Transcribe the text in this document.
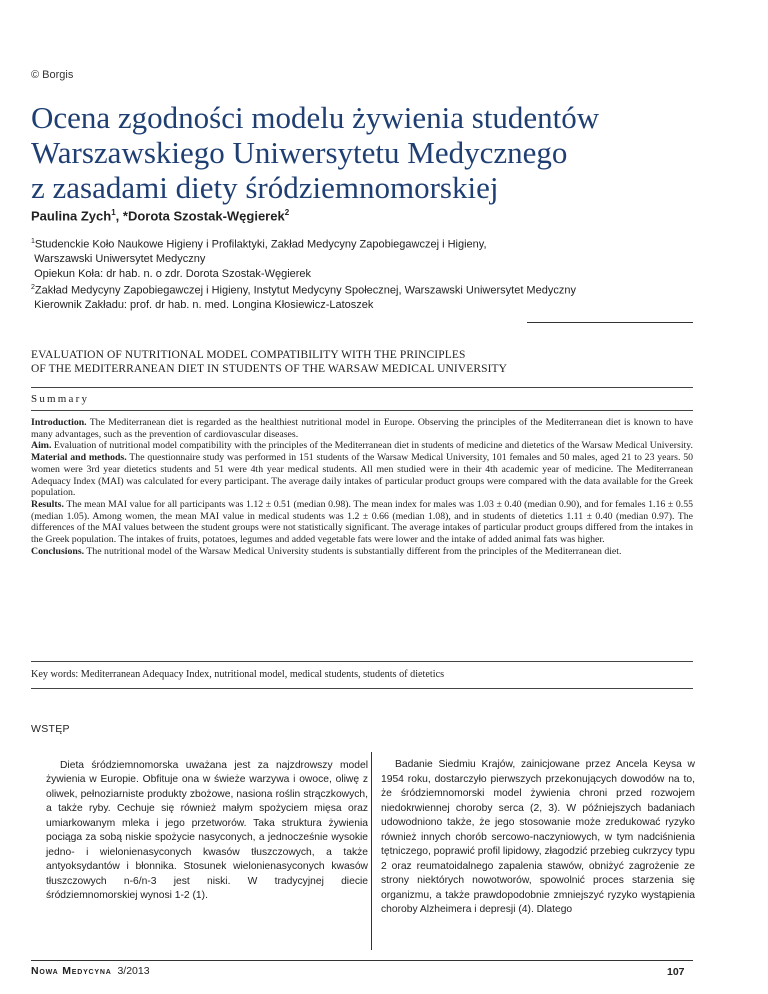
© Borgis
Ocena zgodności modelu żywienia studentów
Warszawskiego Uniwersytetu Medycznego
z zasadami diety śródziemnomorskiej
Paulina Zych$^1$, *Dorota Szostak-Węgierek$^2$
$^1$Studenckie Koło Naukowe Higieny i Profilaktyki, Zakład Medycyny Zapobiegawczej i Higieny,
Warszawski Uniwersytet Medyczny
Opiekun Koła: dr hab. n. o zdr. Dorota Szostak-Węgierek
$^2$Zakład Medycyny Zapobiegawczej i Higieny, Instytut Medycyny Społecznej, Warszawski Uniwersytet Medyczny
Kierownik Zakładu: prof. dr hab. n. med. Longina Kłosiewicz-Latoszek
EVALUATION OF NUTRITIONAL MODEL COMPATIBILITY WITH THE PRINCIPLES
OF THE MEDITERRANEAN DIET IN STUDENTS OF THE WARSAW MEDICAL UNIVERSITY
Summary

Introduction. The Mediterranean diet is regarded as the healthiest nutritional model in Europe. Observing the principles of the Mediterranean diet is known to have many advantages, such as the prevention of cardiovascular diseases.

Aim. Evaluation of nutritional model compatibility with the principles of the Mediterranean diet in students of medicine and dietetics of the Warsaw Medical University.

Material and methods. The questionnaire study was performed in 151 students of the Warsaw Medical University, 101 females and 50 males, aged 21 to 23 years. 50 women were 3rd year dietetics students and 51 were 4th year medical students. All men studied were in their 4th academic year of medicine. The Mediterranean Adequacy Index (MAI) was calculated for every participant. The average daily intakes of particular product groups were compared with the data available for the Greek population.

Results. The mean MAI value for all participants was 1.12 ± 0.51 (median 0.98). The mean index for males was 1.03 ± 0.40 (median 0.90), and for females 1.16 ± 0.55 (median 1.05). Among women, the mean MAI value in medical students was 1.2 ± 0.66 (median 1.08), and in students of dietetics 1.11 ± 0.40 (median 0.97). The differences of the MAI values between the student groups were not statistically significant. The average intakes of particular product groups differed from the intakes in the Greek population. The intakes of fruits, potatoes, legumes and added vegetable fats were lower and the intake of added animal fats was higher.

Conclusions. The nutritional model of the Warsaw Medical University students is substantially different from the principles of the Mediterranean diet.

Key words: Mediterranean Adequacy Index, nutritional model, medical students, students of dietetics
WSTĘP

Dieta śródziemnomorska uważana jest za najzdrowszy model żywienia w Europie. Obfituje ona w świeże warzywa i owoce, oliwę z oliwek, pełnoziarniste produkty zbożowe, nasiona roślin strączkowych, a także ryby. Cechuje się również małym spożyciem mięsa oraz umiarkowanym mleka i jego przetworów. Taka struktura żywienia pociąga za sobą niskie spożycie nasyconych, a jednocześnie wysokie jedno- i wielonienasyconych kwasów tłuszczowych, a także antyoksydantów i błonnika. Stosunek wielonienasyconych kwasów tłuszczowych n-6/n-3 jest niski. W tradycyjnej diecie śródziemnomorskiej wynosi 1-2 (1).

Badanie Siedmiu Krajów, zainicjowane przez Ancela Keysa w 1954 roku, dostarczyło pierwszych przekonujących dowodów na to, że śródziemnomorski model żywienia chroni przed rozwojem niedokrwiennej choroby serca (2, 3). W późniejszych badaniach udowodniono także, że jego stosowanie może zredukować ryzyko również innych chorób sercowo-naczyniowych, w tym nadciśnienia tętniczego, poprawić profil lipidowy, złagodzić przebieg cukrzycy typu 2 oraz reumatoidalnego zapalenia stawów, obniżyć zagrożenie ze strony niektórych nowotworów, spowolnić proces starzenia się organizmu, a także prawdopodobnie zmniejszyć ryzyko wystąpienia choroby Alzheimera i depresji (4). Dlatego

Nowa Medycyna 3/2013	107
